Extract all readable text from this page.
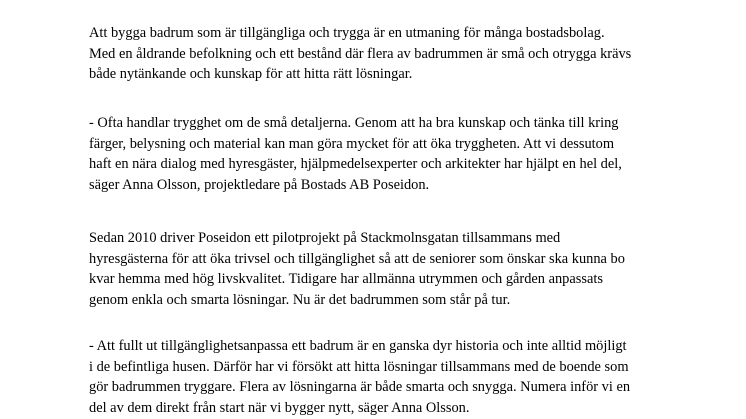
Att bygga badrum som är tillgängliga och trygga är en utmaning för många bostadsbolag.
Med en åldrande befolkning och ett bestånd där flera av badrummen är små och otrygga krävs
både nytänkande och kunskap för att hitta rätt lösningar.

- Ofta handlar trygghet om de små detaljerna. Genom att ha bra kunskap och tänka till kring
färger, belysning och material kan man göra mycket för att öka tryggheten. Att vi dessutom
haft en nära dialog med hyresgäster, hjälpmedelsexperter och arkitekter har hjälpt en hel del,
säger Anna Olsson, projektledare på Bostads AB Poseidon.

Sedan 2010 driver Poseidon ett pilotprojekt på Stackmolnsgatan tillsammans med
hyresgästerna för att öka trivsel och tillgänglighet så att de seniorer som önskar ska kunna bo
kvar hemma med hög livskvalitet. Tidigare har allmänna utrymmen och gården anpassats
genom enkla och smarta lösningar. Nu är det badrummen som står på tur.

- Att fullt ut tillgänglighetsanpassa ett badrum är en ganska dyr historia och inte alltid möjligt
i de befintliga husen. Därför har vi försökt att hitta lösningar tillsammans med de boende som
gör badrummen tryggare. Flera av lösningarna är både smarta och snygga. Numera inför vi en
del av dem direkt från start när vi bygger nytt, säger Anna Olsson.
